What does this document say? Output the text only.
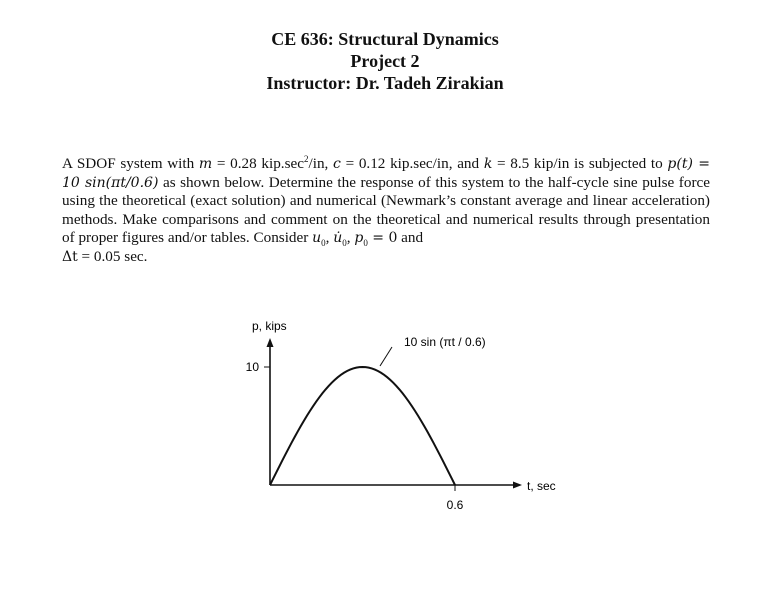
CE 636: Structural Dynamics
Project 2
Instructor: Dr. Tadeh Zirakian

A SDOF system with m = 0.28 $kip.\sec^2/in$, c = 0.12 kip.sec/in, and k = 8.5 kip/in is subjected to p(t) = 10 sin(πt/0.6) as shown below. Determine the response of this system to the half-cycle sine pulse force using the theoretical (exact solution) and numerical (Newmark’s constant average and linear acceleration) methods. Make comparisons and comment on the theoretical and numerical results through presentation of proper figures and/or tables. Consider $u_0$, $u̇_0$, $p_0 = 0$ and
Δt = 0.05 sec.

p, kips
t, sec
10 sin (πt / 0.6)
10
0.6
